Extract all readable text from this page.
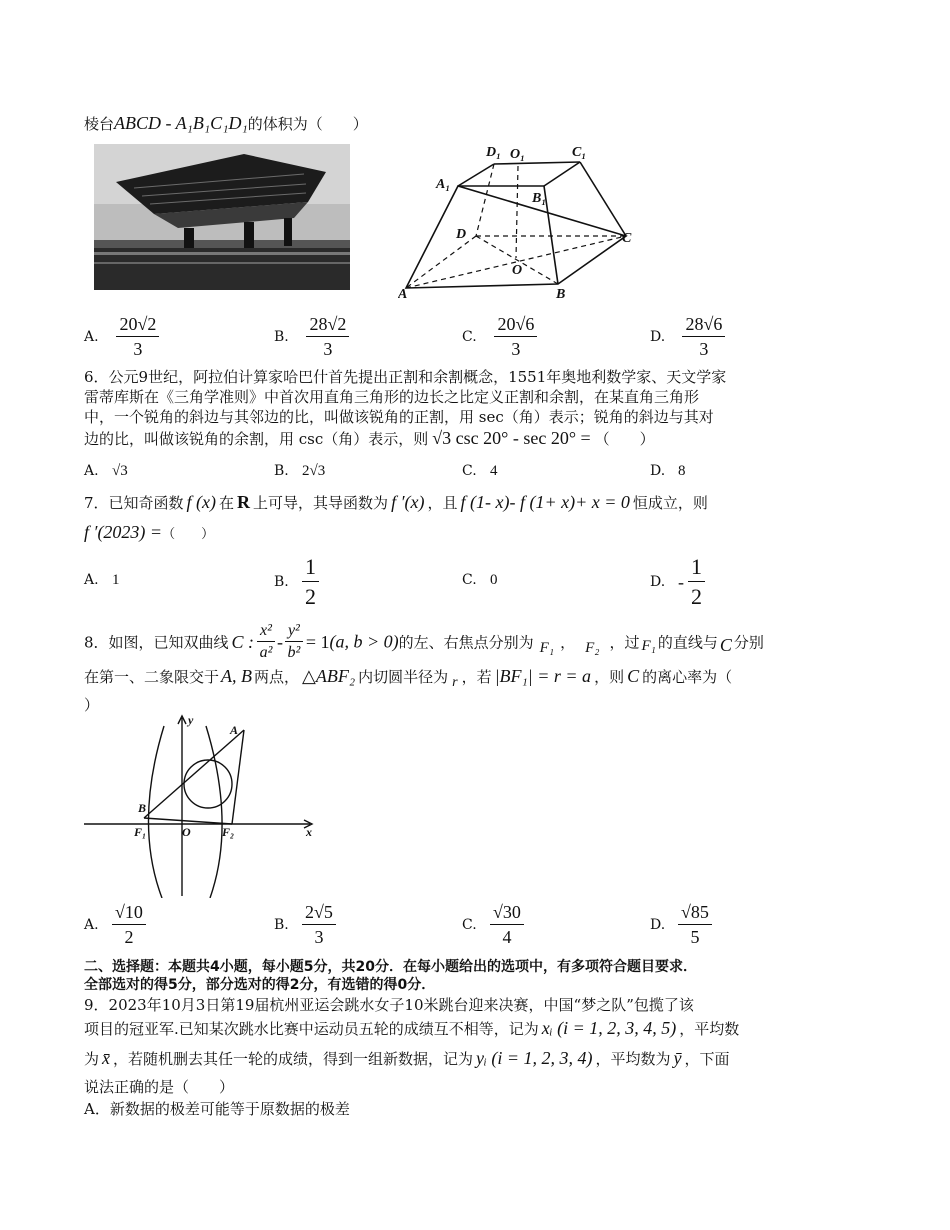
D₁ O₁	C₁
A₁
B₁
D	C
O
A	B
y
A
B
F₁	O	F₂	x
棱台ABCD - A₁B₁C₁D₁的体积为（　　）
A. $\frac{20√2}{3}$	B. $\frac{28√2}{3}$	C. $\frac{20√6}{3}$	D. $\frac{28√6}{3}$
6．公元9世纪，阿拉伯计算家哈巴什首先提出正割和余割概念，1551年奥地利数学家、天文学家
雷蒂库斯在《三角学准则》中首次用直角三角形的边长之比定义正割和余割，在某直角三角形
中，一个锐角的斜边与其邻边的比，叫做该锐角的正割，用 sec（角）表示；锐角的斜边与其对
边的比，叫做该锐角的余割，用 csc（角）表示，则 √3 csc 20° - sec 20° = （　　）
A. √3	B. 2√3	C. 4	D. 8
7．已知奇函数 f (x) 在 R 上可导，其导函数为 f ′(x) ，且 f (1- x)- f (1+ x)+ x = 0 恒成立，则
f ′(2023) =（　　）
A. 1	B. $\frac{1}{2}$	C. 0	D. - $\frac{1}{2}$
8．如图，已知双曲线 C : $\frac{\text{x²}}{\text{a²}} - \frac{\text{y²}}{\text{b²}} = 1(a$, b > 0)的左、右焦点分别为 F₁ ， F₂ ，过 F₁ 的直线与 C 分别
在第一、二象限交于 A, B 两点， △ABF₂ 内切圆半径为 r ，若 |BF₁| = r = a ，则 C 的离心率为（
）
A. $\frac{√10}{2}$	B. $\frac{2√5}{3}$	C. $\frac{√30}{4}$	D. $\frac{√85}{5}$
二、选择题：本题共4小题，每小题5分，共20分．在每小题给出的选项中，有多项符合题目要求．
全部选对的得5分，部分选对的得2分，有选错的得0分．
9．2023年10月3日第19届杭州亚运会跳水女子10米跳台迎来决赛，中国“梦之队”包揽了该
项目的冠亚军.已知某次跳水比赛中运动员五轮的成绩互不相等，记为 xᵢ (i = 1, 2, 3, 4, 5) ，平均数
为 x̄ ，若随机删去其任一轮的成绩，得到一组新数据，记为 yᵢ (i = 1, 2, 3, 4) ，平均数为 ȳ ，下面
说法正确的是（　　）
A．新数据的极差可能等于原数据的极差
